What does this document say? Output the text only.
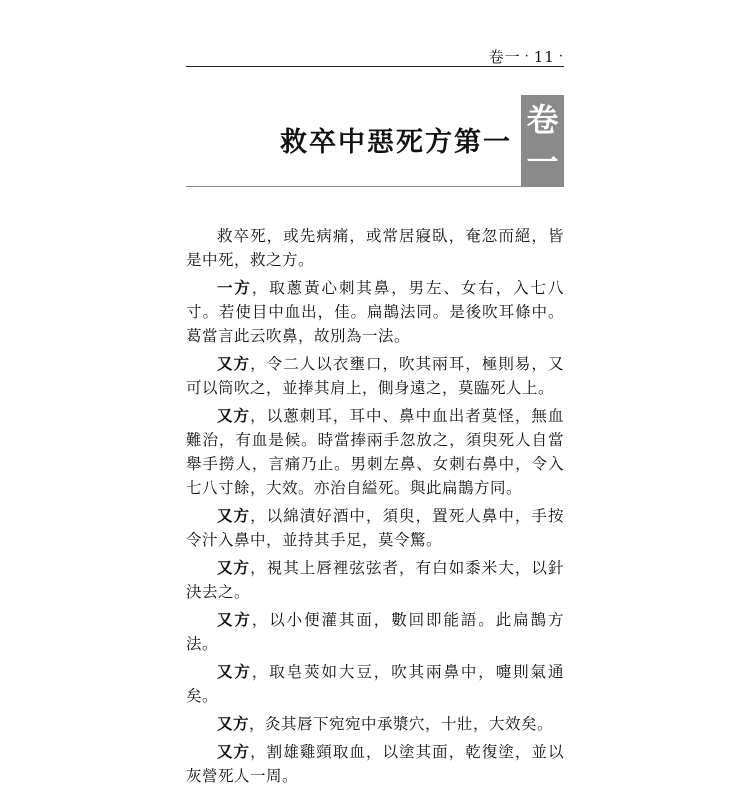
卷一 · 11 ·
救卒中惡死方第一
卷
一

救卒死，或先病痛，或常居寢臥，奄忽而絕，皆是中死，救之方。

一方，取蔥黃心刺其鼻，男左、女右，入七八寸。若使目中血出，佳。扁鵲法同。是後吹耳條中。葛當言此云吹鼻，故別為一法。

又方，令二人以衣壅口，吹其兩耳，極則易，又可以筒吹之，並捧其肩上，側身遠之，莫臨死人上。

又方，以蔥刺耳，耳中、鼻中血出者莫怪，無血難治，有血是候。時當捧兩手忽放之，須臾死人自當舉手撈人，言痛乃止。男刺左鼻、女刺右鼻中，令入七八寸餘，大效。亦治自縊死。與此扁鵲方同。

又方，以綿漬好酒中，須臾，置死人鼻中，手按令汁入鼻中，並持其手足，莫令驚。

又方，視其上唇裡弦弦者，有白如黍米大，以針決去之。

又方，以小便灌其面，數回即能語。此扁鵲方法。

又方，取皂莢如大豆，吹其兩鼻中，嚏則氣通矣。

又方，灸其唇下宛宛中承漿穴，十壯，大效矣。

又方，割雄雞頸取血，以塗其面，乾復塗，並以灰營死人一周。
